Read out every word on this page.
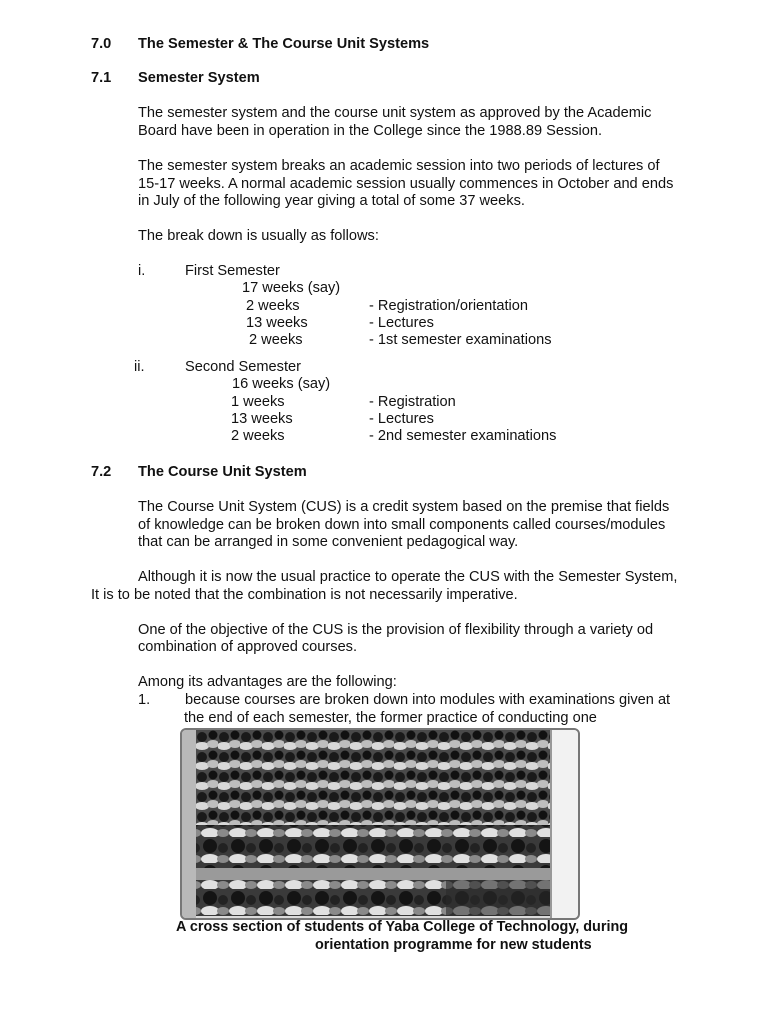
7.0 The Semester & The Course Unit Systems
7.1 Semester System
The semester system and the course unit system as approved by the Academic
Board have been in operation in the College since the 1988.89 Session.
The semester system breaks an academic session into two periods of lectures of
15-17 weeks. A normal academic session usually commences in October and ends
in July of the following year giving a total of some 37 weeks.
The break down is usually as follows:
i.	First Semester
17 weeks (say)
2 weeks	- Registration/orientation
13 weeks	- Lectures
2 weeks	- 1st semester examinations
ii.	Second Semester
16 weeks (say)
1 weeks	- Registration
13 weeks	- Lectures
2 weeks	- 2nd semester examinations
7.2 The Course Unit System
The Course Unit System (CUS) is a credit system based on the premise that fields
of knowledge can be broken down into small components called courses/modules
that can be arranged in some convenient pedagogical way.
Although it is now the usual practice to operate the CUS with the Semester System,
It is to be noted that the combination is not necessarily imperative.
One of the objective of the CUS is the provision of flexibility through a variety od
combination of approved courses.
Among its advantages are the following:
1. because courses are broken down into modules with examinations given at
the end of each semester, the former practice of conducting one
A cross section of students of Yaba College of Technology, during
orientation programme for new students
